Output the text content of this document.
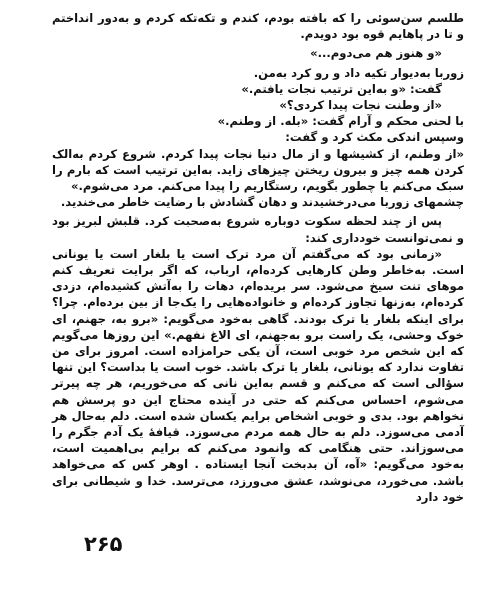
طلسم سن‌سوئی را که بافته بودم، کندم و تکه‌تکه کردم و به‌دور انداختم و تا در پاهایم قوه بود دویدم.

«و هنوز هم می‌دوم...»

زوربا به‌دیوار تکیه داد و رو کرد به‌من.

گفت: «و به‌این ترتیب نجات یافتم.»

«از وطنت نجات پیدا کردی؟»

با لحنی محکم و آرام گفت: «بله. از وطنم.»

وسپس اندکی مکث کرد و گفت:

«از وطنم، از کشیشها و از مال دنیا نجات پیدا کردم. شروع کردم به‌الک کردن همه چیز و بیرون ریختن چیزهای زاید. به‌این ترتیب است که بارم را سبک می‌کنم یا چطور بگویم، رستگاریم را پیدا می‌کنم. مرد می‌شوم.»

چشمهای زوربا می‌درخشیدند و دهان گشادش با رضایت خاطر می‌خندید.

پس از چند لحظه سکوت دوباره شروع به‌صحبت کرد. قلبش لبریز بود و نمی‌توانست خودداری کند:

«زمانی بود که می‌گفتم آن مرد ترک است یا بلغار است یا یونانی است. به‌خاطر وطن کارهایی کرده‌ام، ارباب، که اگر برایت تعریف کنم موهای تنت سیخ می‌شود. سر بریده‌ام، دهات را به‌آتش کشیده‌ام، دزدی کرده‌ام، به‌زنها تجاوز کرده‌ام و خانواده‌هایی را یک‌جا از بین برده‌ام. چرا؟ برای اینکه بلغار یا ترک بودند. گاهی به‌خود می‌گویم: «برو به، جهنم، ای خوک وحشی، یک راست برو به‌جهنم، ای الاغ نفهم.» این روزها می‌گویم که این شخص مرد خوبی است، آن یکی حرامزاده است. امروز برای من تفاوت ندارد که یونانی، بلغار یا ترک باشد. خوب است یا بداست؟ این تنها سؤالی است که می‌کنم و قسم به‌این نانی که می‌خوریم، هر چه پیرتر می‌شوم، احساس می‌کنم که حتی در آینده محتاج این دو پرسش هم نخواهم بود. بدی و خوبی اشخاص برایم یکسان شده است. دلم به‌حال هر آدمی می‌سوزد. دلم به حال همه مردم می‌سوزد. قیافهٔ یک آدم جگرم را می‌سوزاند. حتی هنگامی که وانمود می‌کنم که برایم بی‌اهمیت است، به‌خود می‌گویم: «آه، آن بدبخت آنجا ایستاده . اوهر کس که می‌خواهد باشد. می‌خورد، می‌نوشد، عشق می‌ورزد، می‌ترسد. خدا و شیطانی برای خود دارد

۲۶۵
